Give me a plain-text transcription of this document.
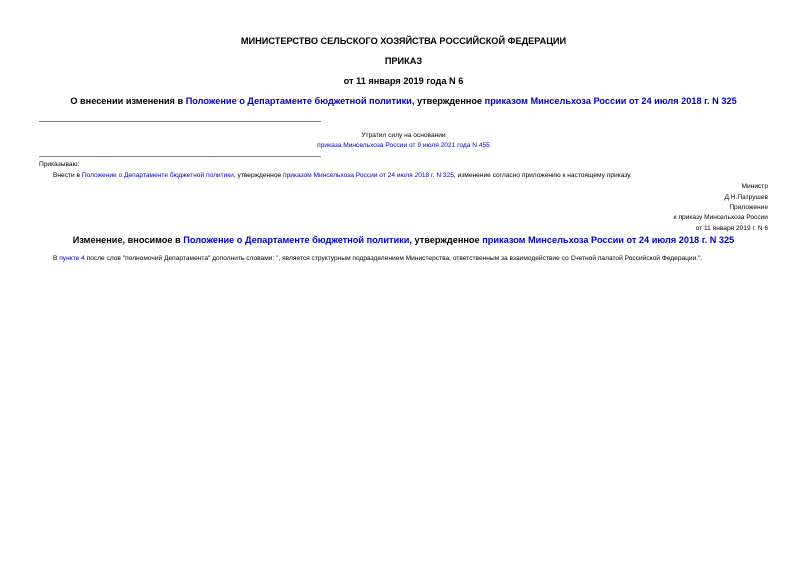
МИНИСТЕРСТВО СЕЛЬСКОГО ХОЗЯЙСТВА РОССИЙСКОЙ ФЕДЕРАЦИИ
ПРИКАЗ
от 11 января 2019 года N 6
О внесении изменения в Положение о Департаменте бюджетной политики, утвержденное приказом Минсельхоза России от 24 июля 2018 г. N 325
Утратил силу на основании
приказа Минсельхоза России от 9 июля 2021 года N 455
Приказываю:
Внести в Положение о Департаменте бюджетной политики, утвержденное приказом Минсельхоза России от 24 июля 2018 г. N 325, изменение согласно приложению к настоящему приказу.
Министр
Д.Н.Патрушев
Приложение
к приказу Минсельхоза России
от 11 января 2019 г. N 6
Изменение, вносимое в Положение о Департаменте бюджетной политики, утвержденное приказом Минсельхоза России от 24 июля 2018 г. N 325
В пункте 4 после слов "полномочий Департамента" дополнить словами: ", является структурным подразделением Министерства, ответственным за взаимодействие со Счетной палатой Российской Федерации.".
